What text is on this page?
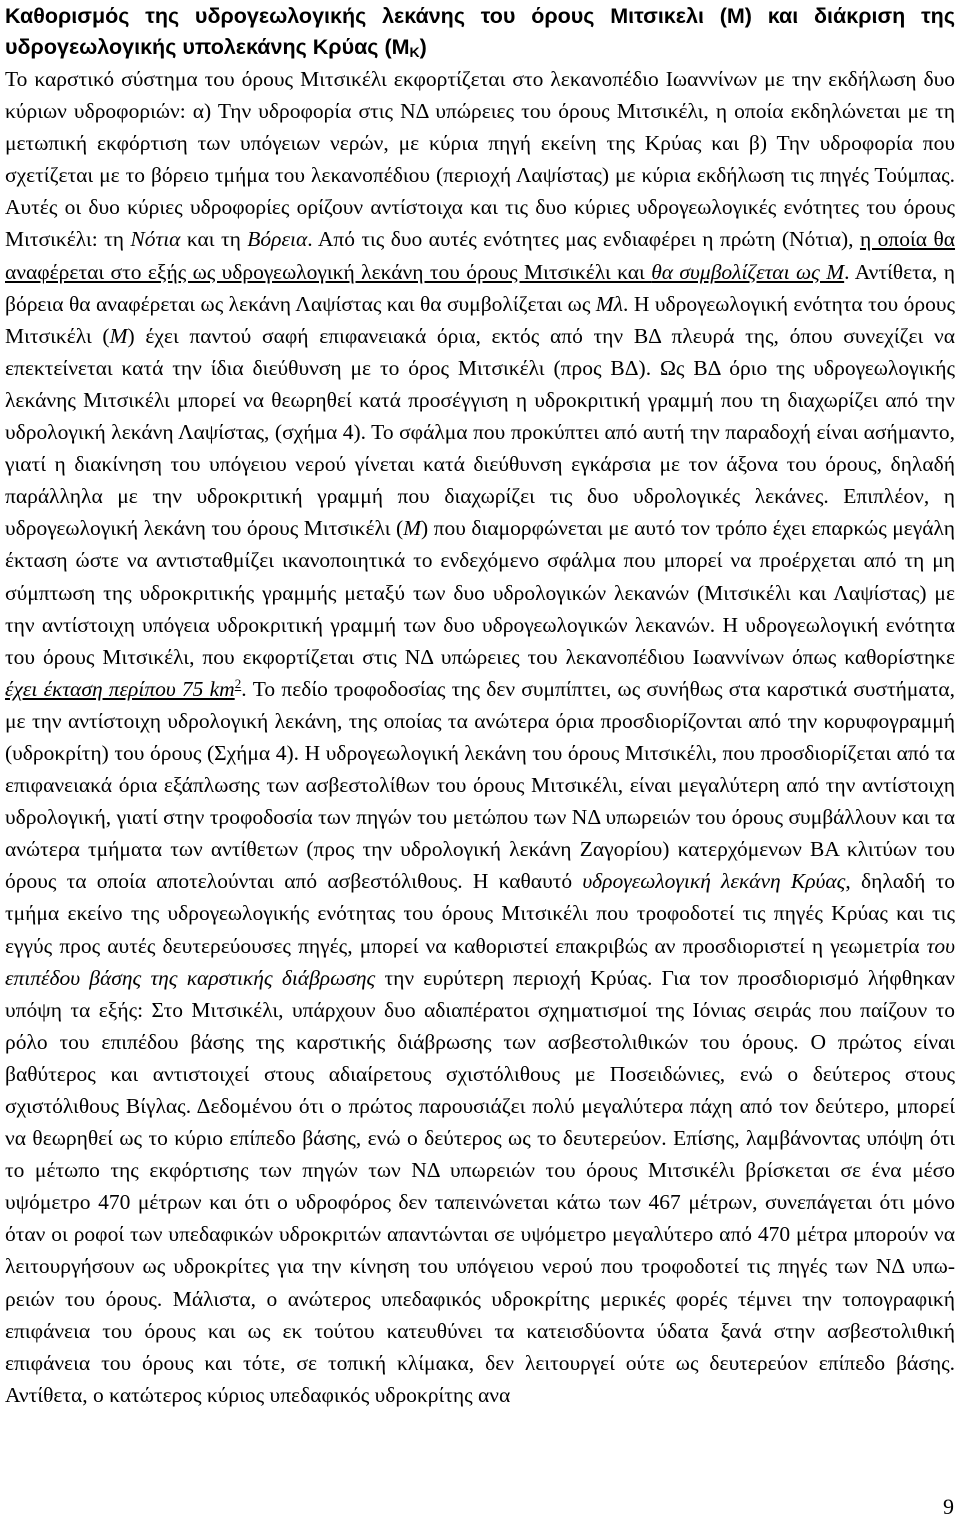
Καθορισμός της υδρογεωλογικής λεκάνης του όρους Μιτσικελι (Μ) και διάκριση της υδρογεωλογικής υπολεκάνης Κρύας $(M_K)$

Το καρστικό σύστημα του όρους Μιτσικέλι εκφορτίζεται στο λεκανοπέδιο Ιωαννίνων με την εκδήλωση δυο κύριων υδροφοριών: α) Την υδροφορία στις ΝΔ υπώρειες του όρους Μιτσικέλι, η οποία εκδηλώνεται με τη μετωπική εκφόρτιση των υπόγειων νερών, με κύρια πηγή εκείνη της Κρύας και β) Την υδροφορία που σχετίζεται με το βόρειο τμήμα του λεκανοπέδιου (περιοχή Λαψίστας) με κύρια εκδήλωση τις πηγές Τούμπας. Αυτές οι δυο κύριες υδροφορίες ορίζουν αντίστοιχα και τις δυο κύριες υδρογεωλογικές ενότητες του όρους Μιτσικέλι: τη Νότια και τη Βόρεια. Από τις δυο αυτές ενότητες μας ενδιαφέρει η πρώτη (Νότια), η οποία θα αναφέρεται στο εξής ως υδρογεωλογική λεκάνη του όρους Μιτσικέλι και θα συμβολίζεται ως Μ. Αντίθετα, η βόρεια θα αναφέρεται ως λεκάνη Λαψίστας και θα συμβολίζεται ως Μλ. Η υδρογεωλογική ενότητα του όρους Μιτσικέλι (Μ) έχει παντού σαφή επιφανειακά όρια, εκτός από την ΒΔ πλευρά της, όπου συνεχίζει να επεκτείνεται κατά την ίδια διεύθυνση με το όρος Μιτσικέλι (προς ΒΔ). Ως ΒΔ όριο της υδρογεωλογικής λεκάνης Μιτσικέλι μπορεί να θεωρηθεί κατά προσέγγιση η υδροκριτική γραμμή που τη διαχωρίζει από την υδρολογική λεκάνη Λαψίστας, (σχήμα 4). Το σφάλμα που προκύπτει από αυτή την παραδοχή είναι ασήμαντο, γιατί η διακίνηση του υπόγειου νερού γίνεται κατά διεύθυνση εγκάρσια με τον άξονα του όρους, δηλαδή παράλληλα με την υδροκριτική γραμμή που διαχωρίζει τις δυο υδρολογικές λεκάνες. Επιπλέον, η υδρογεωλογική λεκάνη του όρους Μιτσικέλι (Μ) που διαμορφώνεται με αυτό τον τρόπο έχει επαρκώς μεγάλη έκταση ώστε να αντισταθμίζει ικανοποιητικά το ενδεχόμενο σφάλμα που μπορεί να προέρχεται από τη μη σύμπτωση της υδροκριτικής γραμμής μεταξύ των δυο υδρολογικών λεκανών (Μιτσικέλι και Λαψίστας) με την αντίστοιχη υπόγεια υδροκριτική γραμμή των δυο υδρογεωλογικών λεκανών. Η υδρογεωλογική ενότητα του όρους Μιτσικέλι, που εκφορτίζεται στις ΝΔ υπώρειες του λεκανοπέδιου Ιωαννίνων όπως καθορίστηκε έχει έκταση περίπου 75 $km^2$. Το πεδίο τροφοδοσίας της δεν συμπίπτει, ως συνήθως στα καρστικά συστήματα, με την αντίστοιχη υδρολογική λεκάνη, της οποίας τα ανώτερα όρια προσδιορίζονται από την κορυφογραμμή (υδροκρίτη) του όρους (Σχήμα 4). Η υδρογεωλογική λεκάνη του όρους Μιτσικέλι, που προσδιορίζεται από τα επιφανειακά όρια εξάπλωσης των ασβεστολίθων του όρους Μιτσικέλι, είναι μεγαλύτερη από την αντίστοιχη υδρολογική, γιατί στην τροφοδοσία των πηγών του μετώπου των ΝΔ υπωρειών του όρους συμβάλλουν και τα ανώτερα τμήματα των αντίθετων (προς την υδρολογική λεκάνη Ζαγορίου) κατερχόμενων ΒΑ κλιτύων του όρους τα οποία αποτελούνται από ασβεστόλιθους. Η καθαυτό υδρογεωλογική λεκάνη Κρύας, δηλαδή το τμήμα εκείνο της υδρογεωλογικής ενότητας του όρους Μιτσικέλι που τροφοδοτεί τις πηγές Κρύας και τις εγγύς προς αυτές δευτερεύουσες πηγές, μπορεί να καθοριστεί επακριβώς αν προσδιοριστεί η γεωμετρία του επιπέδου βάσης της καρστικής διάβρωσης την ευρύτερη περιοχή Κρύας. Για τον προσδιορισμό λήφθηκαν υπόψη τα εξής: Στο Μιτσικέλι, υπάρχουν δυο αδιαπέρατοι σχηματισμοί της Ιόνιας σειράς που παίζουν το ρόλο του επιπέδου βάσης της καρστικής διάβρωσης των ασβεστολιθικών του όρους. Ο πρώτος είναι βαθύτερος και αντιστοιχεί στους αδιαίρετους σχιστόλιθους με Ποσειδώνιες, ενώ ο δεύτερος στους σχιστόλιθους Βίγλας. Δεδομένου ότι ο πρώτος παρουσιάζει πολύ μεγαλύτερα πάχη από τον δεύτερο, μπορεί να θεωρηθεί ως το κύριο επίπεδο βάσης, ενώ ο δεύτερος ως το δευτερεύον. Επίσης, λαμβάνοντας υπόψη ότι το μέτωπο της εκφόρτισης των πηγών των ΝΔ υπωρειών του όρους Μιτσικέλι βρίσκεται σε ένα μέσο υψόμετρο 470 μέτρων και ότι ο υδροφόρος δεν ταπεινώνεται κάτω των 467 μέτρων, συνεπάγεται ότι μόνο όταν οι ροφοί των υπεδαφικών υδροκριτών απαντώνται σε υψόμετρο μεγαλύτερο από 470 μέτρα μπορούν να λειτουργήσουν ως υδροκρίτες για την κίνηση του υπόγειου νερού που τροφοδοτεί τις πηγές των ΝΔ υπωρειών του όρους. Μάλιστα, ο ανώτερος υπεδαφικός υδροκρίτης μερικές φορές τέμνει την τοπογραφική επιφάνεια του όρους και ως εκ τούτου κατευθύνει τα κατεισδύοντα ύδατα ξανά στην ασβεστολιθική επιφάνεια του όρους και τότε, σε τοπική κλίμακα, δεν λειτουργεί ούτε ως δευτερεύον επίπεδο βάσης. Αντίθετα, ο κατώτερος κύριος υπεδαφικός υδροκρίτης ανα

9
